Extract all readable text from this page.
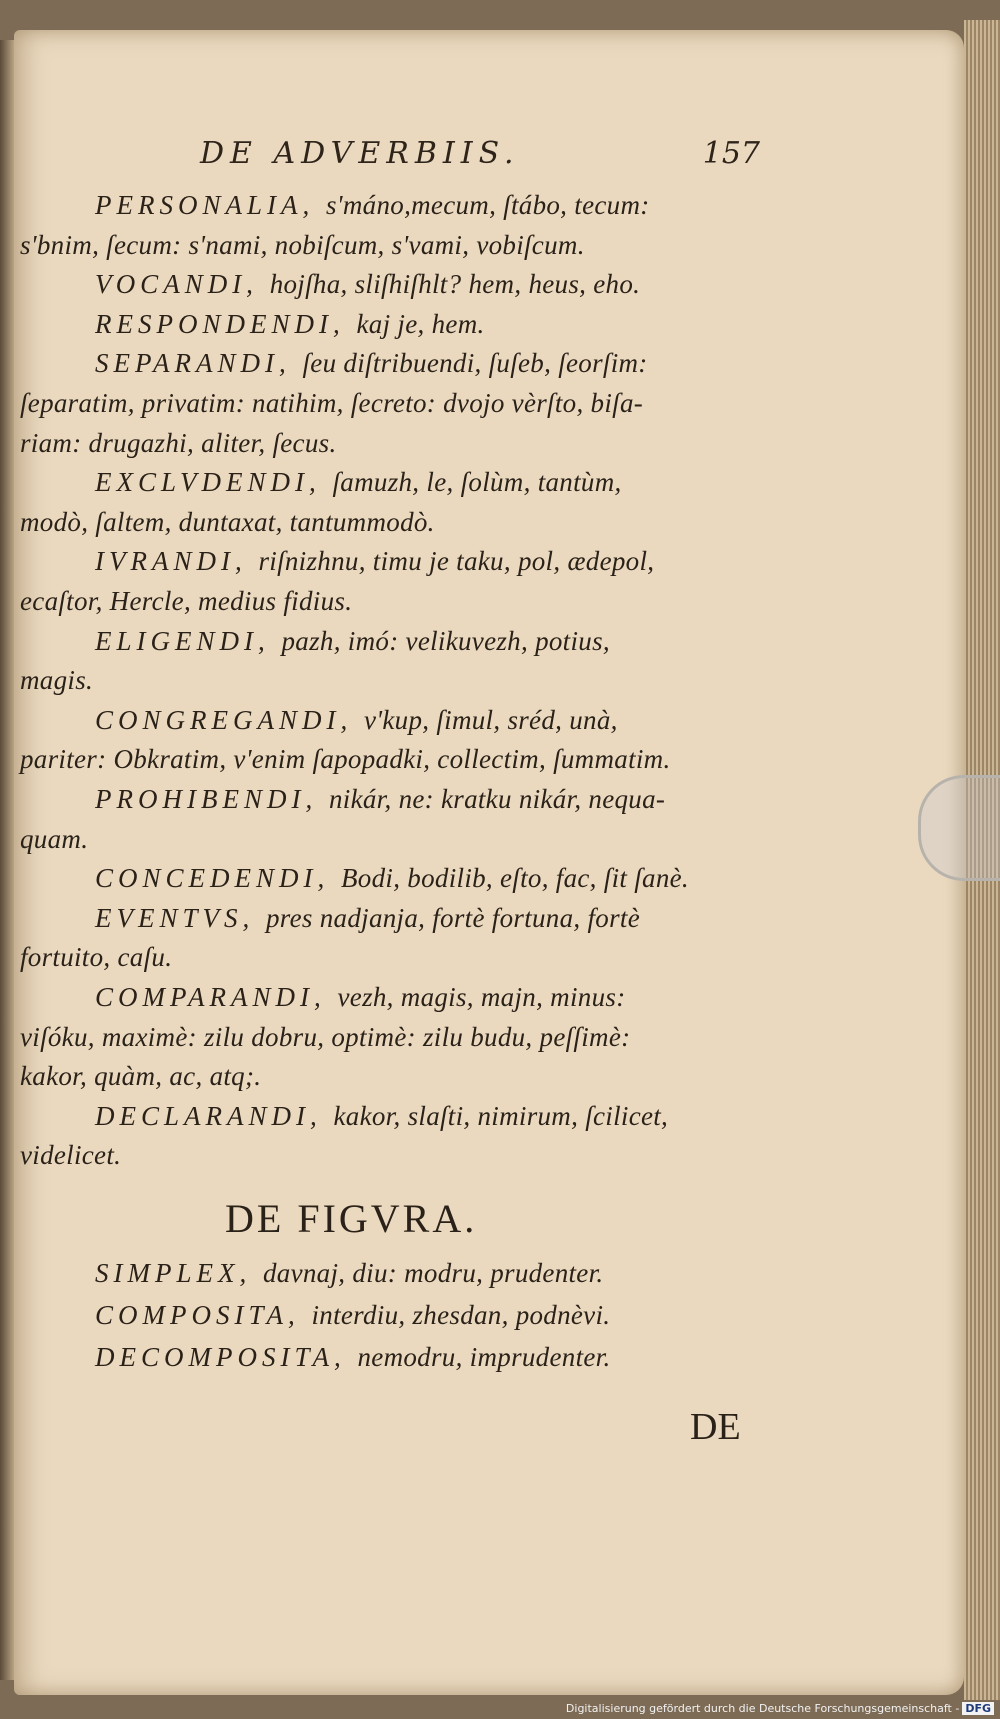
DE ADVERBIIS.	157
PERSONALIA, s'máno,mecum, ſtábo, tecum:
s'bnim, ſecum: s'nami, nobiſcum, s'vami, vobiſcum.
VOCANDI, hojſha, sliſhiſhlt? hem, heus, eho.
RESPONDENDI, kaj je, hem.
SEPARANDI, ſeu diſtribuendi, ſuſeb, ſeorſim:
ſeparatim, privatim: natihim, ſecreto: dvojo vèrſto, biſa-
riam: drugazhi, aliter, ſecus.
EXCLVDENDI, ſamuzh, le, ſolùm, tantùm,
modò, ſaltem, duntaxat, tantummodò.
IVRANDI, riſnizhnu, timu je taku, pol, ædepol,
ecaſtor, Hercle, medius fidius.
ELIGENDI, pazh, imó: velikuvezh, potius,
magis.
CONGREGANDI, v'kup, ſimul, sréd, unà,
pariter: Obkratim, v'enim ſapopadki, collectim, ſummatim.
PROHIBENDI, nikár, ne: kratku nikár, nequa-
quam.
CONCEDENDI, Bodi, bodilib, eſto, fac, ſit ſanè.
EVENTVS, pres nadjanja, fortè fortuna, fortè
fortuito, caſu.
COMPARANDI, vezh, magis, majn, minus:
viſóku, maximè: zilu dobru, optimè: zilu budu, peſſimè:
kakor, quàm, ac, atq;.
DECLARANDI, kakor, slaſti, nimirum, ſcilicet,
videlicet.
DE FIGVRA.
SIMPLEX, davnaj, diu: modru, prudenter.
COMPOSITA, interdiu, zhesdan, podnèvi.
DECOMPOSITA, nemodru, imprudenter.
DE
Digitalisierung gefördert durch die Deutsche Forschungsgemeinschaft - DFG
